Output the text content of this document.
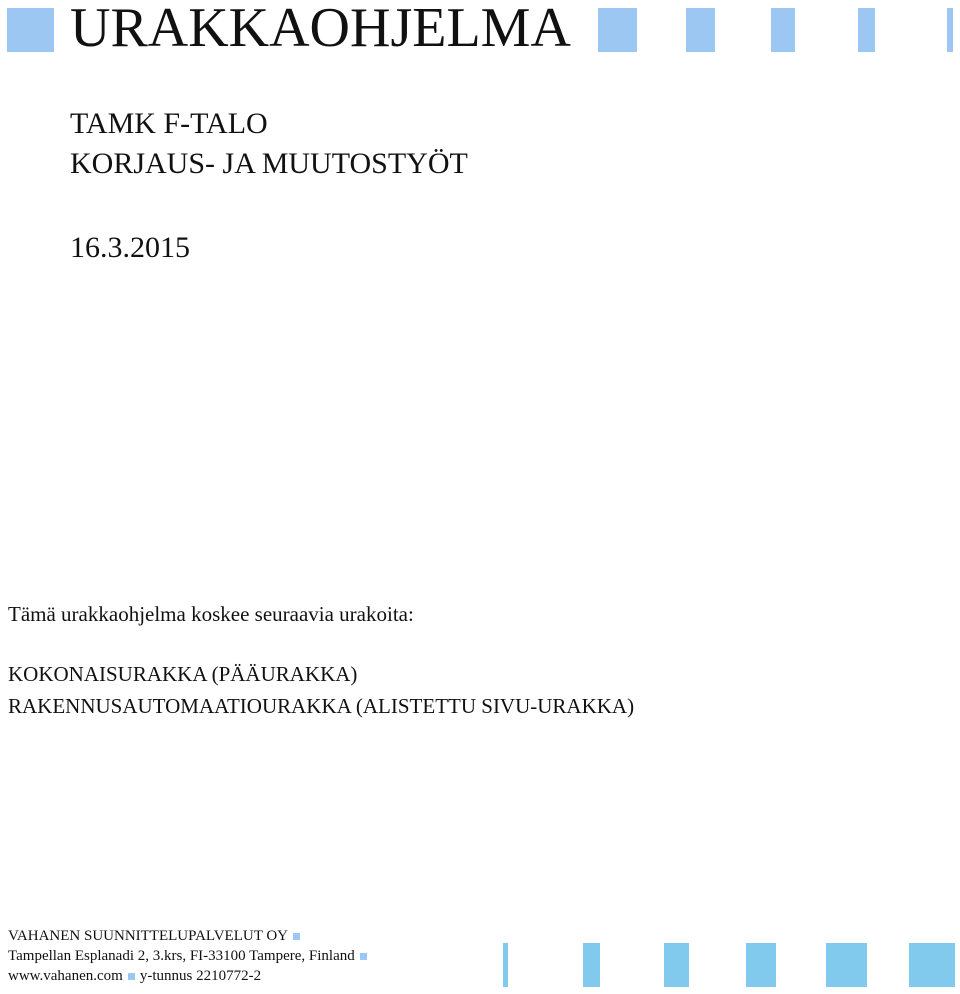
URAKKAOHJELMA
TAMK F-TALO
KORJAUS- JA MUUTOSTYÖT
16.3.2015
Tämä urakkaohjelma koskee seuraavia urakoita:
KOKONAISURAKKA (PÄÄURAKKA)
RAKENNUSAUTOMAATIOURAKKA (ALISTETTU SIVU-URAKKA)
VAHANEN SUUNNITTELUPALVELUT OY
Tampellan Esplanadi 2, 3.krs, FI-33100 Tampere, Finland
www.vahanen.com y-tunnus 2210772-2
